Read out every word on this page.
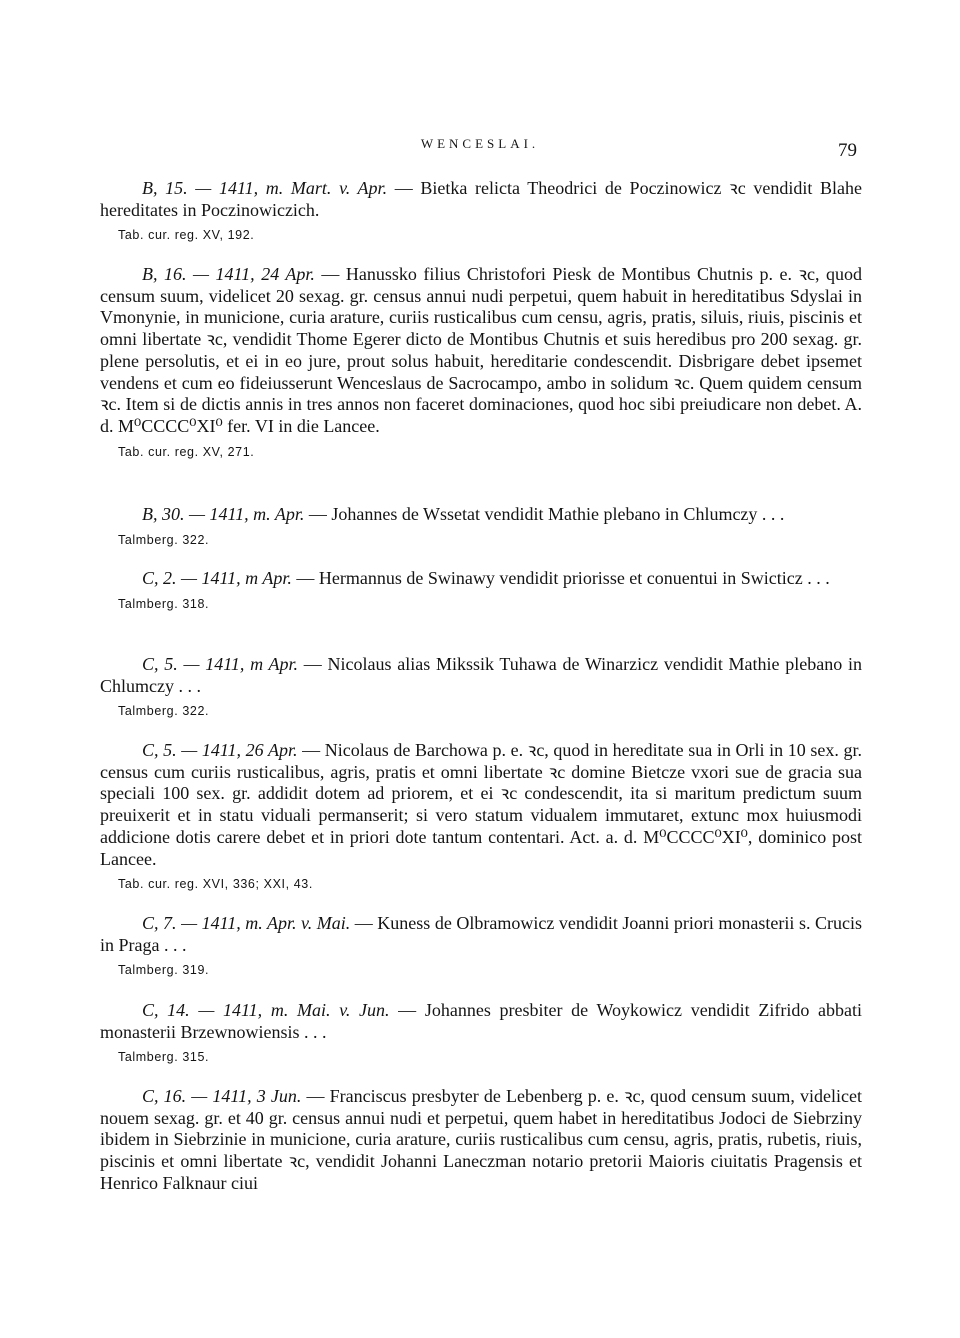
WENCESLAI.	79

B, 15. — 1411, m. Mart. v. Apr. — Bietka relicta Theodrici de Poczinowicz ꝛc vendidit Blahe hereditates in Poczinowiczich.

Tab. cur. reg. XV, 192.

B, 16. — 1411, 24 Apr. — Hanussko filius Christofori Piesk de Montibus Chutnis p. e. ꝛc, quod censum suum, videlicet 20 sexag. gr. census annui nudi perpetui, quem habuit in hereditatibus Sdyslai in Vmonynie, in municione, curia arature, curiis rusticalibus cum censu, agris, pratis, siluis, riuis, piscinis et omni libertate ꝛc, vendidit Thome Egerer dicto de Montibus Chutnis et suis heredibus pro 200 sexag. gr. plene persolutis, et ei in eo jure, prout solus habuit, hereditarie condescendit. Disbrigare debet ipsemet vendens et cum eo fideiusserunt Wenceslaus de Sacrocampo, ambo in solidum ꝛc. Quem quidem censum ꝛc. Item si de dictis annis in tres annos non faceret dominaciones, quod hoc sibi preiudicare non debet. A. d. M⁰CCCC⁰XI⁰ fer. VI in die Lancee.

Tab. cur. reg. XV, 271.

B, 30. — 1411, m. Apr. — Johannes de Wssetat vendidit Mathie plebano in Chlumczy . . .

Talmberg. 322.

C, 2. — 1411, m Apr. — Hermannus de Swinawy vendidit priorisse et conuentui in Swicticz . . .

Talmberg. 318.

C, 5. — 1411, m Apr. — Nicolaus alias Mikssik Tuhawa de Winarzicz vendidit Mathie plebano in Chlumczy . . .

Talmberg. 322.

C, 5. — 1411, 26 Apr. — Nicolaus de Barchowa p. e. ꝛc, quod in hereditate sua in Orli in 10 sex. gr. census cum curiis rusticalibus, agris, pratis et omni libertate ꝛc domine Bietcze vxori sue de gracia sua speciali 100 sex. gr. addidit dotem ad priorem, et ei ꝛc condescendit, ita si maritum predictum suum preuixerit et in statu viduali permanserit; si vero statum vidualem immutaret, extunc mox huiusmodi addicione dotis carere debet et in priori dote tantum contentari. Act. a. d. M⁰CCCC⁰XI⁰, dominico post Lancee.

Tab. cur. reg. XVI, 336; XXI, 43.

C, 7. — 1411, m. Apr. v. Mai. — Kuness de Olbramowicz vendidit Joanni priori monasterii s. Crucis in Praga . . .

Talmberg. 319.

C, 14. — 1411, m. Mai. v. Jun. — Johannes presbiter de Woykowicz vendidit Zifrido abbati monasterii Brzewnowiensis . . .

Talmberg. 315.

C, 16. — 1411, 3 Jun. — Franciscus presbyter de Lebenberg p. e. ꝛc, quod censum suum, videlicet nouem sexag. gr. et 40 gr. census annui nudi et perpetui, quem habet in hereditatibus Jodoci de Siebrziny ibidem in Siebrzinie in municione, curia arature, curiis rusticalibus cum censu, agris, pratis, rubetis, riuis, piscinis et omni libertate ꝛc, vendidit Johanni Laneczman notario pretorii Maioris ciuitatis Pragensis et Henrico Falknaur ciui
